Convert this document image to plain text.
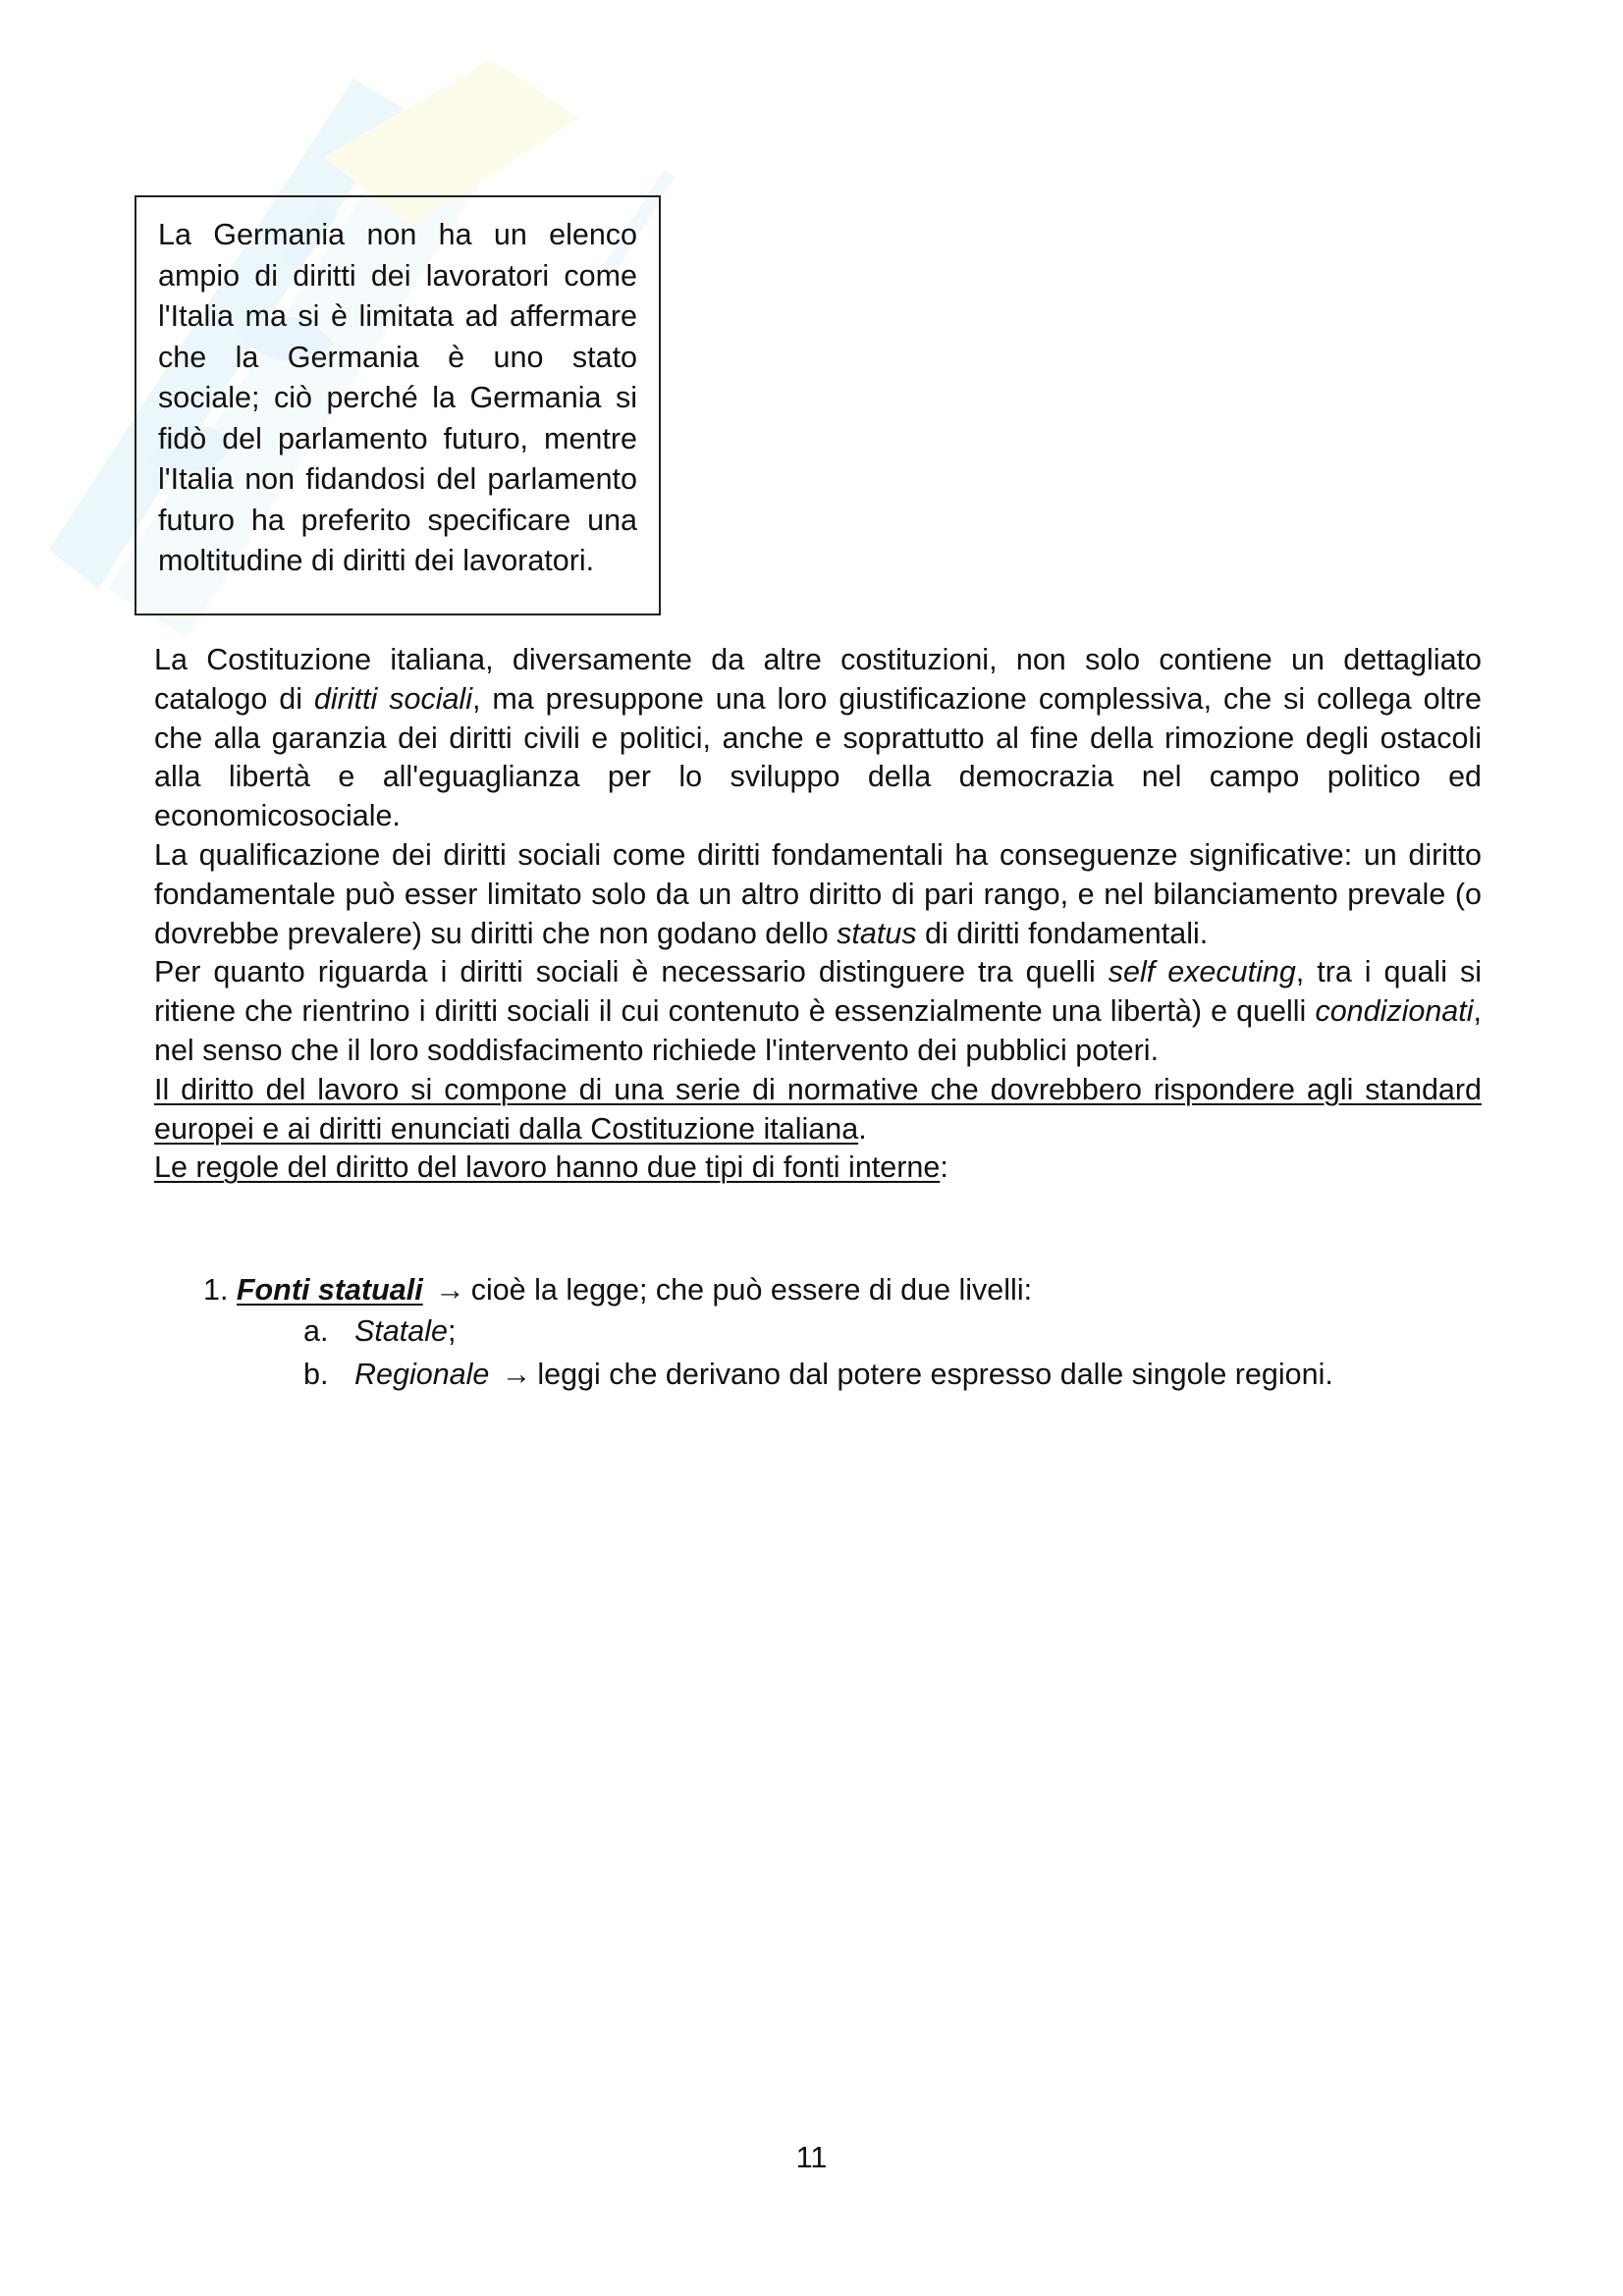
La Germania non ha un elenco ampio di diritti dei lavoratori come l'Italia ma si è limitata ad affermare che la Germania è uno stato sociale; ciò perché la Germania si fidò del parlamento futuro, mentre l'Italia non fidandosi del parlamento futuro ha preferito specificare una moltitudine di diritti dei lavoratori.

La Costituzione italiana, diversamente da altre costituzioni, non solo contiene un dettagliato catalogo di diritti sociali, ma presuppone una loro giustificazione complessiva, che si collega oltre che alla garanzia dei diritti civili e politici, anche e soprattutto al fine della rimozione degli ostacoli alla libertà e all'eguaglianza per lo sviluppo della democrazia nel campo politico ed economicosociale.

La qualificazione dei diritti sociali come diritti fondamentali ha conseguenze significative: un diritto fondamentale può esser limitato solo da un altro diritto di pari rango, e nel bilanciamento prevale (o dovrebbe prevalere) su diritti che non godano dello status di diritti fondamentali.

Per quanto riguarda i diritti sociali è necessario distinguere tra quelli self executing, tra i quali si ritiene che rientrino i diritti sociali il cui contenuto è essenzialmente una libertà) e quelli condizionati, nel senso che il loro soddisfacimento richiede l'intervento dei pubblici poteri.

Il diritto del lavoro si compone di una serie di normative che dovrebbero rispondere agli standard europei e ai diritti enunciati dalla Costituzione italiana.

Le regole del diritto del lavoro hanno due tipi di fonti interne:

1. Fonti statuali → cioè la legge; che può essere di due livelli:
a. Statale;
b. Regionale → leggi che derivano dal potere espresso dalle singole regioni.
11
